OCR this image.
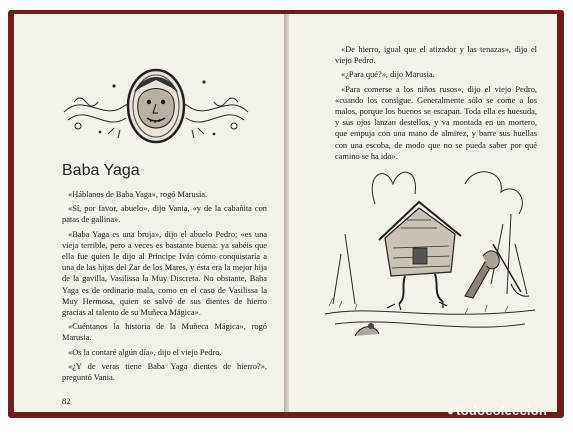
Baba Yaga

«Háblanos de Baba Yaga», rogó Marusia.

«Sí, por favor, abuelo», dijo Vania, «y de la cabañita con patas de gallina».

«Baba Yaga es una bruja», dijo el abuelo Pedro; «es una vieja terrible, pero a veces es bastante buena: ya sabéis que ella fue quien le dijo al Príncipe Iván cómo conquistaría a una de las hijas del Zar de los Mares, y ésta era la mejor hija de la gavilla, Vasilissa la Muy Discreta. No obstante, Baba Yaga es de ordinario mala, como en el caso de Vasilissa la Muy Hermosa, quien se salvó de sus dientes de hierro gracias al talento de su Muñeca Mágica».

«Cuéntanos la historia de la Muñeca Mágica», rogó Marusia.

«Os la contaré algún día», dijo el viejo Pedro.

«¿Y de veras tiene Baba Yaga dientes de hierro?», preguntó Vania.

82

«De hierro, igual que el atizador y las tenazas», dijo el viejo Pedro.

«¿Para qué?», dijo Marusia.

«Para comerse a los niños rusos», dijo el viejo Pedro, «cuando los consigue. Generalmente sólo se come a los malos, porque los buenos se escapan. Toda ella es huesuda, y sus ojos lanzan destellos, y va montada en un mortero, que empuja con una mano de almirez, y barre sus huellas con una escoba, de modo que no se pueda saber por qué camino se ha ido».

● todocoleccion
